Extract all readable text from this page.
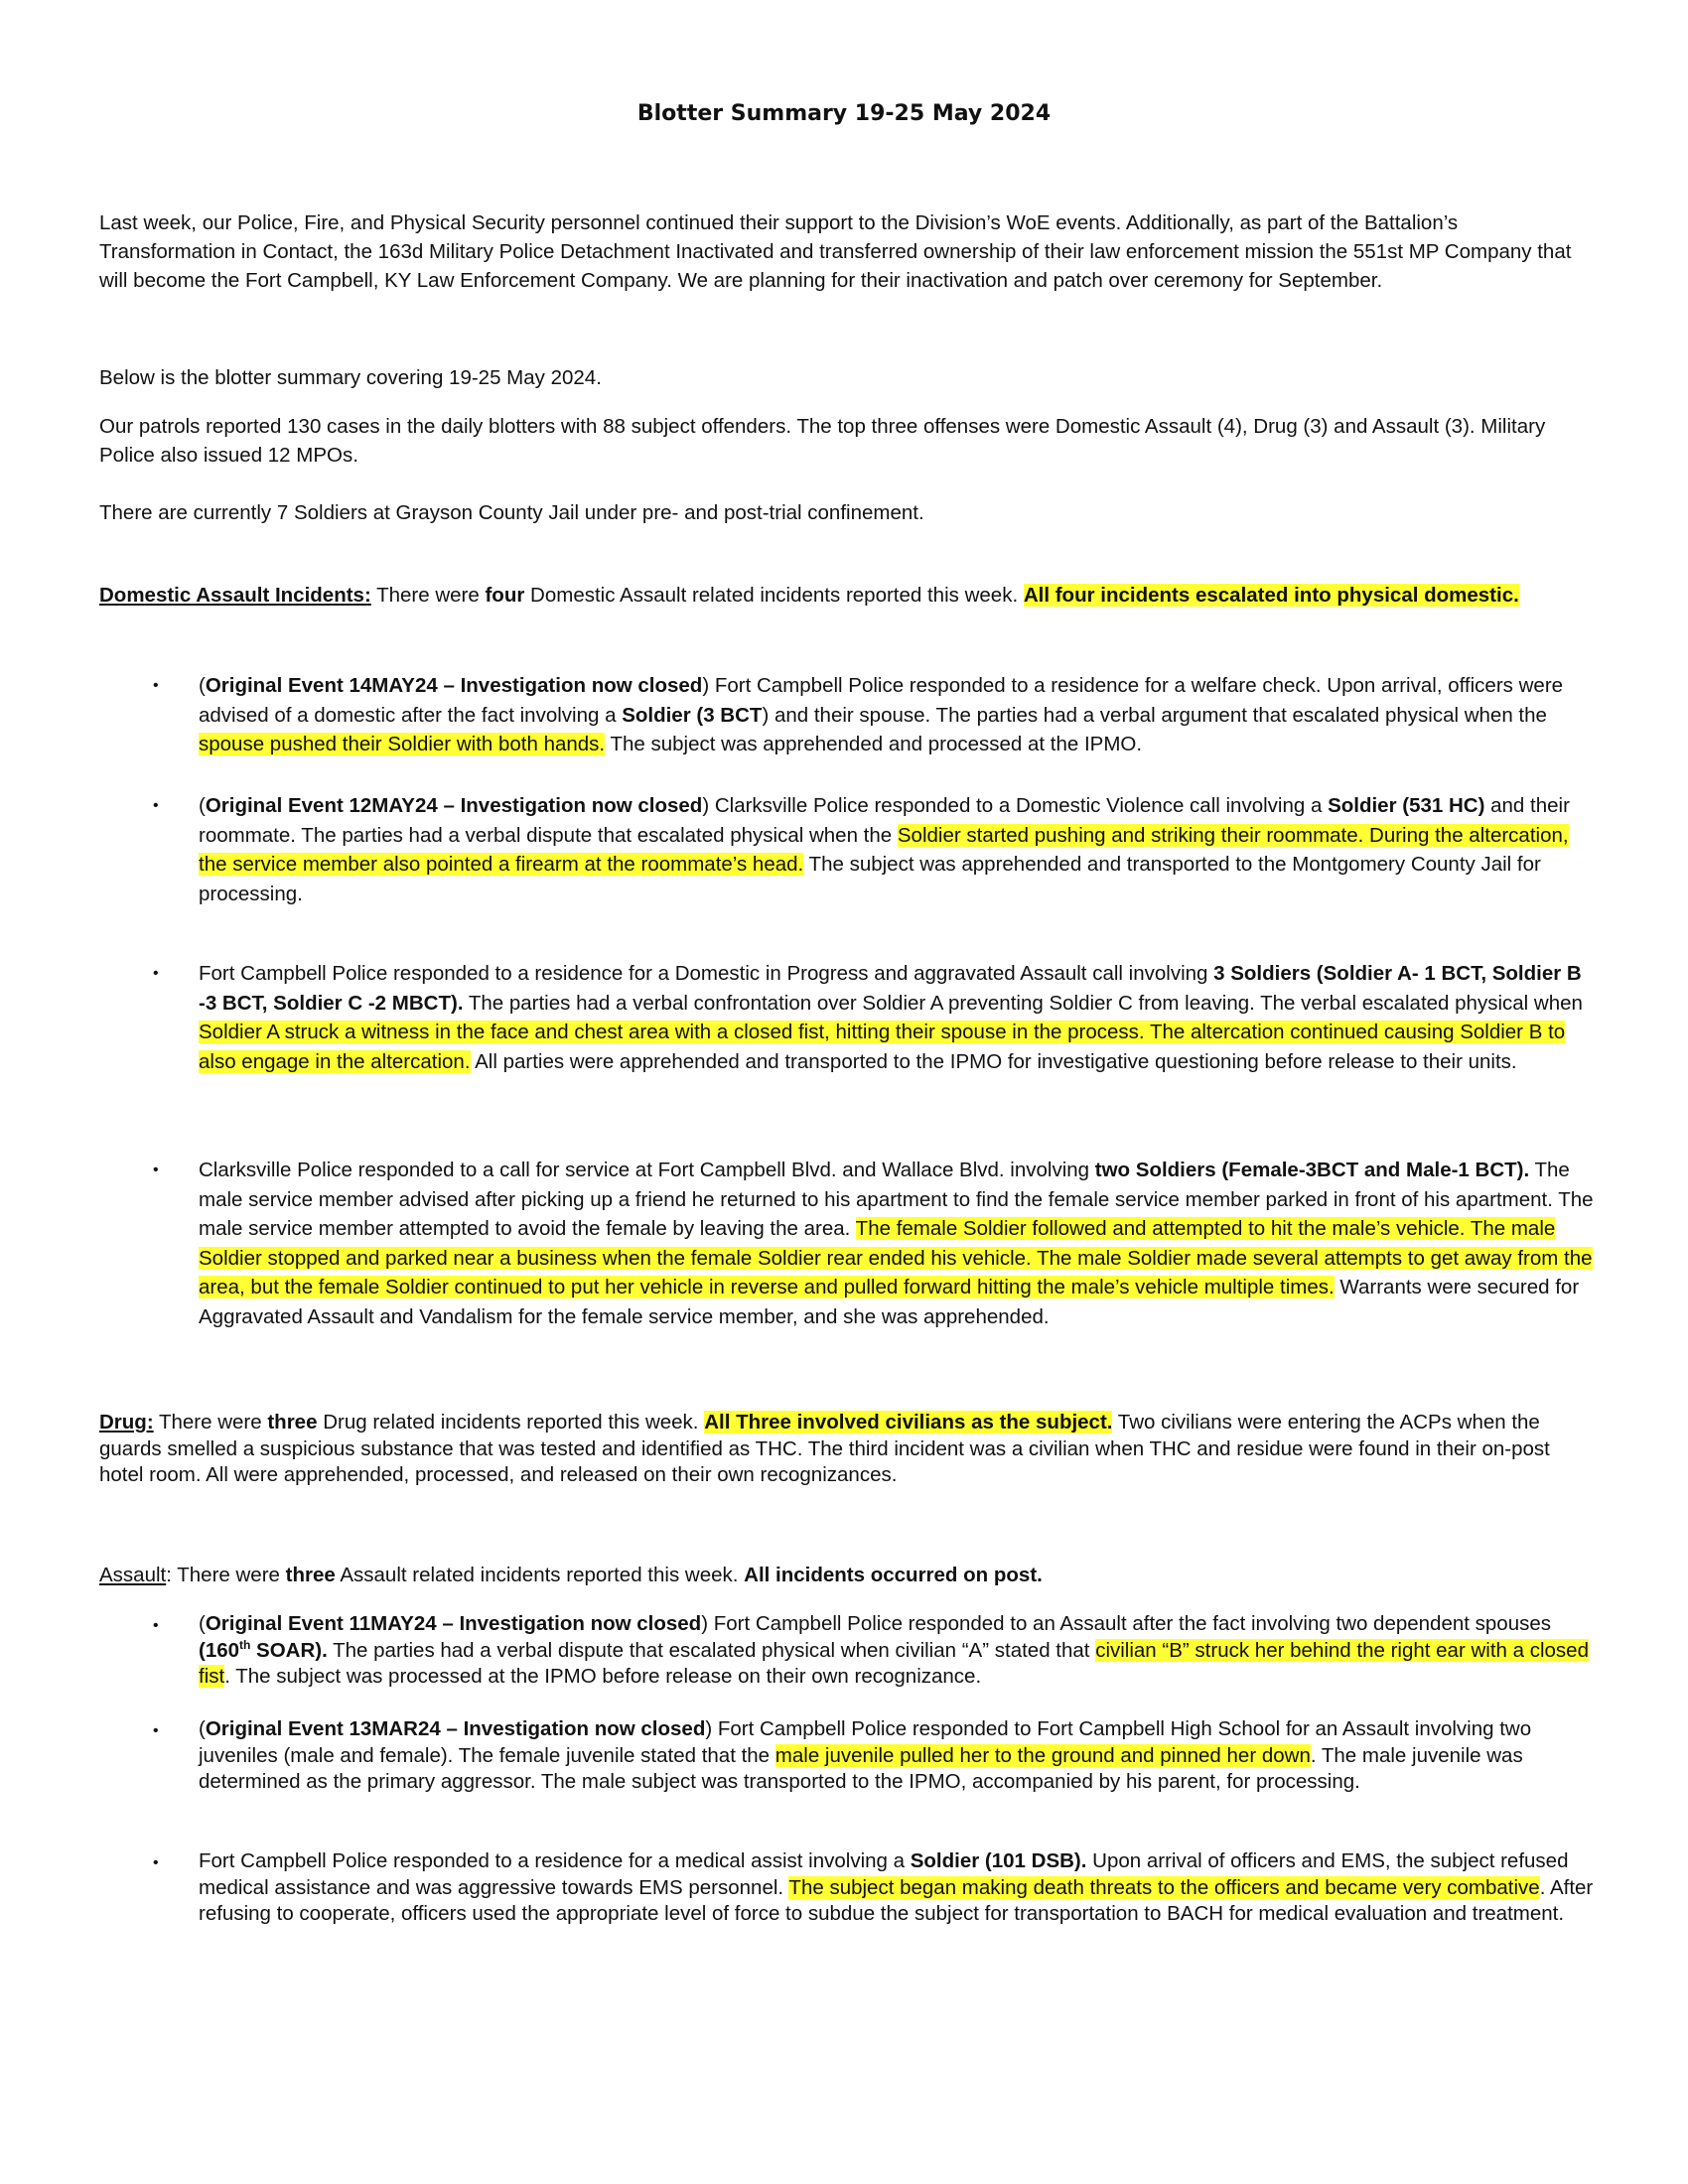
Blotter Summary 19-25 May 2024

Last week, our Police, Fire, and Physical Security personnel continued their support to the Division’s WoE events. Additionally, as part of the Battalion’s Transformation in Contact, the 163d Military Police Detachment Inactivated and transferred ownership of their law enforcement mission the 551st MP Company that will become the Fort Campbell, KY Law Enforcement Company. We are planning for their inactivation and patch over ceremony for September.

Below is the blotter summary covering 19-25 May 2024.

Our patrols reported 130 cases in the daily blotters with 88 subject offenders. The top three offenses were Domestic Assault (4), Drug (3) and Assault (3). Military Police also issued 12 MPOs.

There are currently 7 Soldiers at Grayson County Jail under pre- and post-trial confinement.

Domestic Assault Incidents: There were four Domestic Assault related incidents reported this week. All four incidents escalated into physical domestic.

• (Original Event 14MAY24 – Investigation now closed) Fort Campbell Police responded to a residence for a welfare check. Upon arrival, officers were advised of a domestic after the fact involving a Soldier (3 BCT) and their spouse. The parties had a verbal argument that escalated physical when the spouse pushed their Soldier with both hands. The subject was apprehended and processed at the IPMO.

• (Original Event 12MAY24 – Investigation now closed) Clarksville Police responded to a Domestic Violence call involving a Soldier (531 HC) and their roommate. The parties had a verbal dispute that escalated physical when the Soldier started pushing and striking their roommate. During the altercation, the service member also pointed a firearm at the roommate’s head. The subject was apprehended and transported to the Montgomery County Jail for processing.

• Fort Campbell Police responded to a residence for a Domestic in Progress and aggravated Assault call involving 3 Soldiers (Soldier A- 1 BCT, Soldier B -3 BCT, Soldier C -2 MBCT). The parties had a verbal confrontation over Soldier A preventing Soldier C from leaving. The verbal escalated physical when Soldier A struck a witness in the face and chest area with a closed fist, hitting their spouse in the process. The altercation continued causing Soldier B to also engage in the altercation. All parties were apprehended and transported to the IPMO for investigative questioning before release to their units.

• Clarksville Police responded to a call for service at Fort Campbell Blvd. and Wallace Blvd. involving two Soldiers (Female-3BCT and Male-1 BCT). The male service member advised after picking up a friend he returned to his apartment to find the female service member parked in front of his apartment. The male service member attempted to avoid the female by leaving the area. The female Soldier followed and attempted to hit the male’s vehicle. The male Soldier stopped and parked near a business when the female Soldier rear ended his vehicle. The male Soldier made several attempts to get away from the area, but the female Soldier continued to put her vehicle in reverse and pulled forward hitting the male’s vehicle multiple times. Warrants were secured for Aggravated Assault and Vandalism for the female service member, and she was apprehended.

Drug: There were three Drug related incidents reported this week. All Three involved civilians as the subject. Two civilians were entering the ACPs when the guards smelled a suspicious substance that was tested and identified as THC. The third incident was a civilian when THC and residue were found in their on-post hotel room. All were apprehended, processed, and released on their own recognizances.

Assault: There were three Assault related incidents reported this week. All incidents occurred on post.

• (Original Event 11MAY24 – Investigation now closed) Fort Campbell Police responded to an Assault after the fact involving two dependent spouses (160th SOAR). The parties had a verbal dispute that escalated physical when civilian “A” stated that civilian “B” struck her behind the right ear with a closed fist. The subject was processed at the IPMO before release on their own recognizance.

• (Original Event 13MAR24 – Investigation now closed) Fort Campbell Police responded to Fort Campbell High School for an Assault involving two juveniles (male and female). The female juvenile stated that the male juvenile pulled her to the ground and pinned her down. The male juvenile was determined as the primary aggressor. The male subject was transported to the IPMO, accompanied by his parent, for processing.

• Fort Campbell Police responded to a residence for a medical assist involving a Soldier (101 DSB). Upon arrival of officers and EMS, the subject refused medical assistance and was aggressive towards EMS personnel. The subject began making death threats to the officers and became very combative. After refusing to cooperate, officers used the appropriate level of force to subdue the subject for transportation to BACH for medical evaluation and treatment.
